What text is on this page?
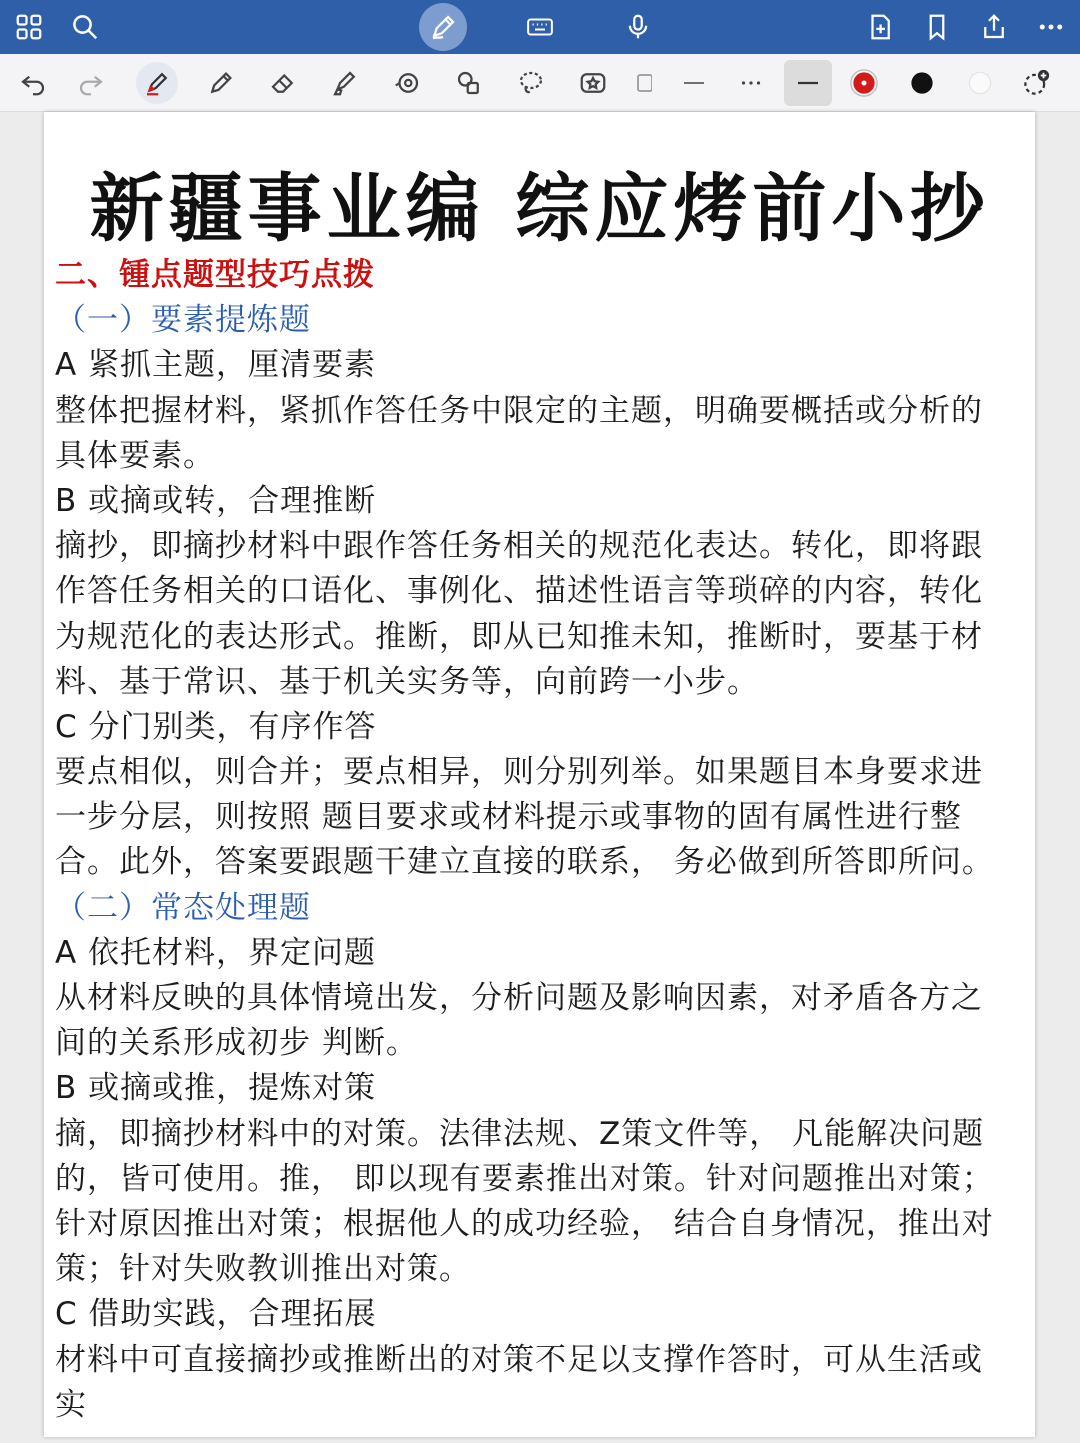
新疆事业编 综应烤前小抄
二、锺点题型技巧点拨
（一）要素提炼题
A 紧抓主题，厘清要素
整体把握材料，紧抓作答任务中限定的主题，明确要概括或分析的
具体要素。
B 或摘或转，合理推断
摘抄，即摘抄材料中跟作答任务相关的规范化表达。转化，即将跟
作答任务相关的口语化、事例化、描述性语言等琐碎的内容，转化
为规范化的表达形式。推断，即从已知推未知，推断时，要基于材
料、基于常识、基于机关实务等，向前跨一小步。
C 分门别类，有序作答
要点相似，则合并；要点相异，则分别列举。如果题目本身要求进
一步分层，则按照 题目要求或材料提示或事物的固有属性进行整
合。此外，答案要跟题干建立直接的联系， 务必做到所答即所问。
（二）常态处理题
A 依托材料，界定问题
从材料反映的具体情境出发，分析问题及影响因素，对矛盾各方之
间的关系形成初步 判断。
B 或摘或推，提炼对策
摘，即摘抄材料中的对策。法律法规、Z策文件等， 凡能解决问题
的，皆可使用。推， 即以现有要素推出对策。针对问题推出对策；
针对原因推出对策；根据他人的成功经验， 结合自身情况，推出对
策；针对失败教训推出对策。
C 借助实践，合理拓展
材料中可直接摘抄或推断出的对策不足以支撑作答时，可从生活或
实
